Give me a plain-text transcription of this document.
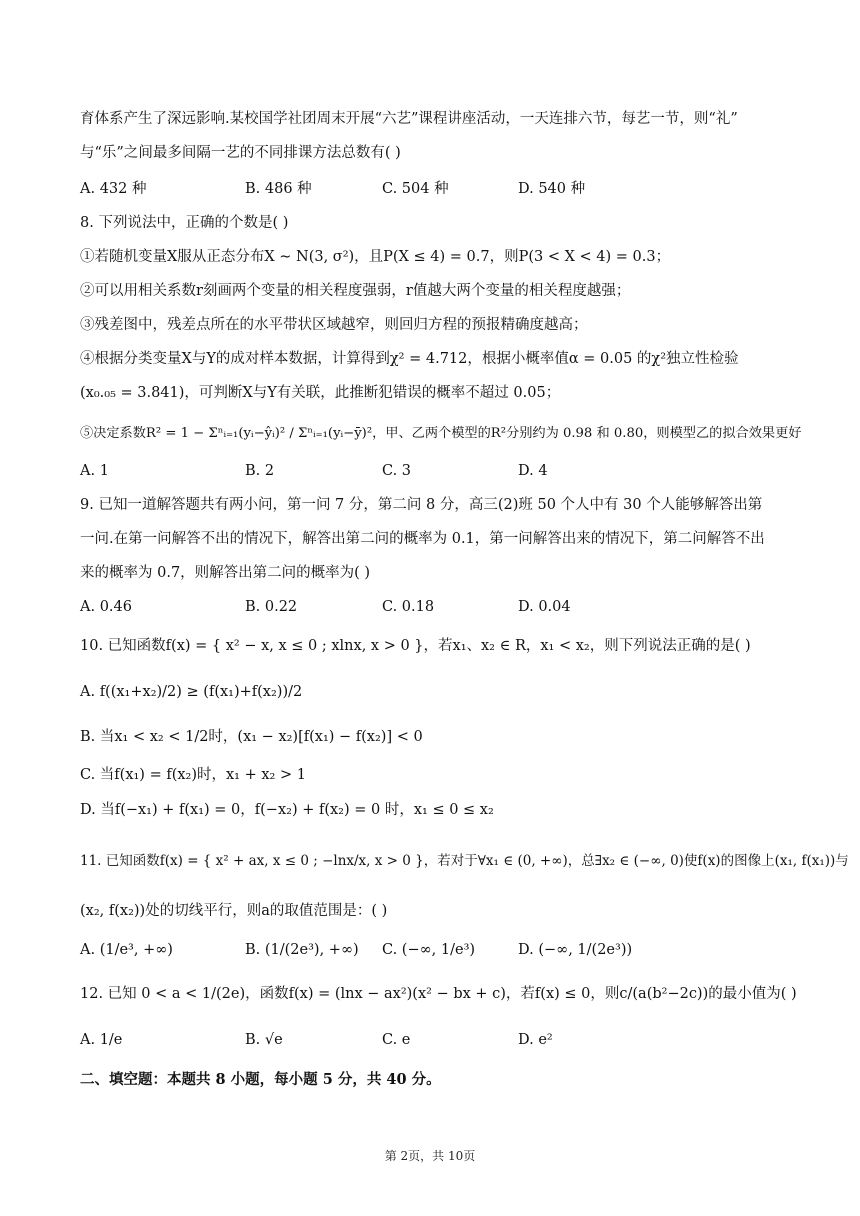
育体系产生了深远影响.某校国学社团周末开展“六艺”课程讲座活动，一天连排六节，每艺一节，则“礼”
与“乐”之间最多间隔一艺的不同排课方法总数有( )
A. 432 种	B. 486 种	C. 504 种	D. 540 种
8. 下列说法中，正确的个数是( )
①若随机变量X服从正态分布X ∼ N(3, σ²)，且P(X ≤ 4) = 0.7，则P(3 < X < 4) = 0.3；
②可以用相关系数r刻画两个变量的相关程度强弱，r值越大两个变量的相关程度越强；
③残差图中，残差点所在的水平带状区域越窄，则回归方程的预报精确度越高；
④根据分类变量X与Y的成对样本数据，计算得到χ² = 4.712，根据小概率值α = 0.05 的χ²独立性检验
(x₀.₀₅ = 3.841)，可判断X与Y有关联，此推断犯错误的概率不超过 0.05；
⑤决定系数R² = 1 − Σⁿᵢ₌₁(yᵢ−ŷᵢ)² / Σⁿᵢ₌₁(yᵢ−ȳ)²，甲、乙两个模型的R²分别约为 0.98 和 0.80，则模型乙的拟合效果更好
A. 1	B. 2	C. 3	D. 4
9. 已知一道解答题共有两小问，第一问 7 分，第二问 8 分，高三(2)班 50 个人中有 30 个人能够解答出第
一问.在第一问解答不出的情况下，解答出第二问的概率为 0.1，第一问解答出来的情况下，第二问解答不出
来的概率为 0.7，则解答出第二问的概率为( )
A. 0.46	B. 0.22	C. 0.18	D. 0.04
10. 已知函数f(x) = { x² − x, x ≤ 0 ; xlnx, x > 0 }，若x₁、x₂ ∈ R，x₁ < x₂，则下列说法正确的是( )
A. f((x₁+x₂)/2) ≥ (f(x₁)+f(x₂))/2
B. 当x₁ < x₂ < 1/2时，(x₁ − x₂)[f(x₁) − f(x₂)] < 0
C. 当f(x₁) = f(x₂)时，x₁ + x₂ > 1
D. 当f(−x₁) + f(x₁) = 0，f(−x₂) + f(x₂) = 0 时，x₁ ≤ 0 ≤ x₂
11. 已知函数f(x) = { x² + ax, x ≤ 0 ; −lnx/x, x > 0 }，若对于∀x₁ ∈ (0, +∞)，总∃x₂ ∈ (−∞, 0)使f(x)的图像上(x₁, f(x₁))与
(x₂, f(x₂))处的切线平行，则a的取值范围是：( )
A. (1/e³, +∞)	B. (1/(2e³), +∞) C. (−∞, 1/e³)	D. (−∞, 1/(2e³))
12. 已知 0 < a < 1/(2e)，函数f(x) = (lnx − ax²)(x² − bx + c)，若f(x) ≤ 0，则c/(a(b²−2c))的最小值为( )
A. 1/e	B. √e	C. e	D. e²
二、填空题：本题共 8 小题，每小题 5 分，共 40 分。
第 2页，共 10页
